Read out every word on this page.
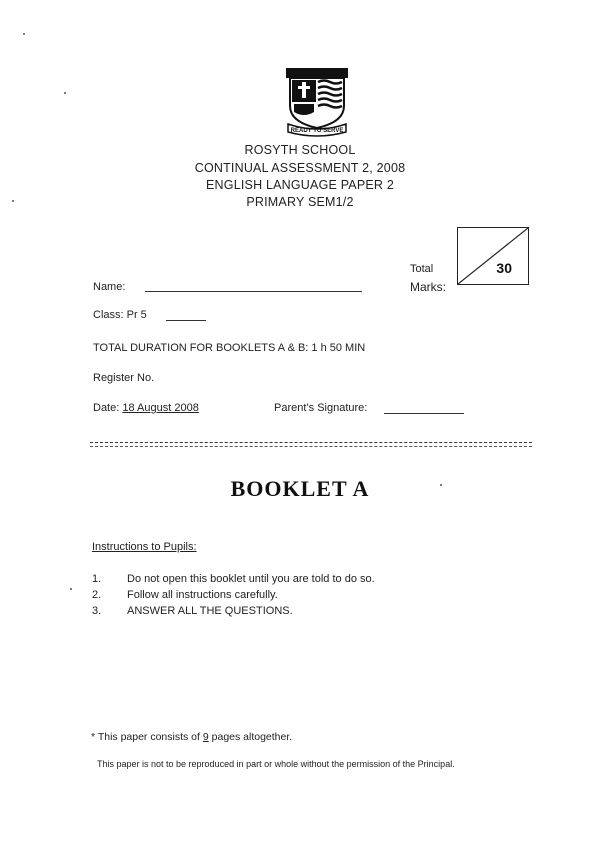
READY TO SERVE
ROSYTH SCHOOL
CONTINUAL ASSESSMENT 2, 2008
ENGLISH LANGUAGE PAPER 2
PRIMARY SEM1/2
Total
Marks:
30
Name:
Class: Pr 5
TOTAL DURATION FOR BOOKLETS A & B: 1 h 50 MIN
Register No.
Date: 18 August 2008	Parent’s Signature:
BOOKLET A
Instructions to Pupils:
1. Do not open this booklet until you are told to do so.
2. Follow all instructions carefully.
3. ANSWER ALL THE QUESTIONS.
* This paper consists of 9 pages altogether.
This paper is not to be reproduced in part or whole without the permission of the Principal.
